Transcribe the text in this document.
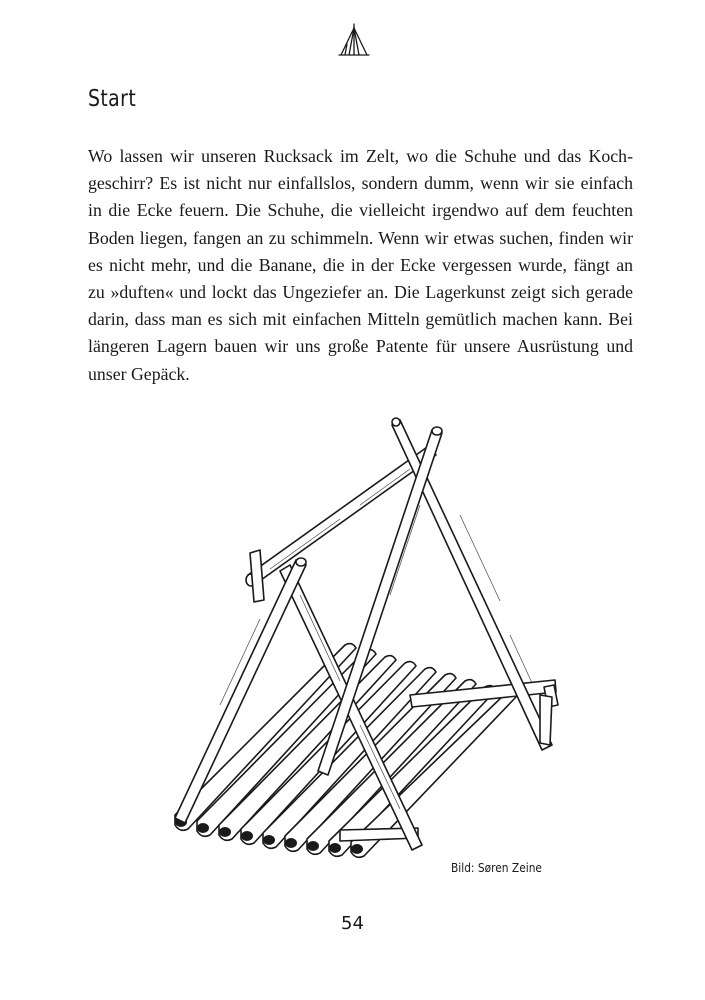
Start
Wo lassen wir unseren Rucksack im Zelt, wo die Schuhe und das Koch-
geschirr? Es ist nicht nur einfallslos, sondern dumm, wenn wir sie einfach
in die Ecke feuern. Die Schuhe, die vielleicht irgendwo auf dem feuchten
Boden liegen, fangen an zu schimmeln. Wenn wir etwas suchen, finden wir
es nicht mehr, und die Banane, die in der Ecke vergessen wurde, fängt an
zu »duften« und lockt das Ungeziefer an. Die Lagerkunst zeigt sich gerade
darin, dass man es sich mit einfachen Mitteln gemütlich machen kann. Bei
längeren Lagern bauen wir uns große Patente für unsere Ausrüstung und
unser Gepäck.
Bild: Søren Zeine
54
